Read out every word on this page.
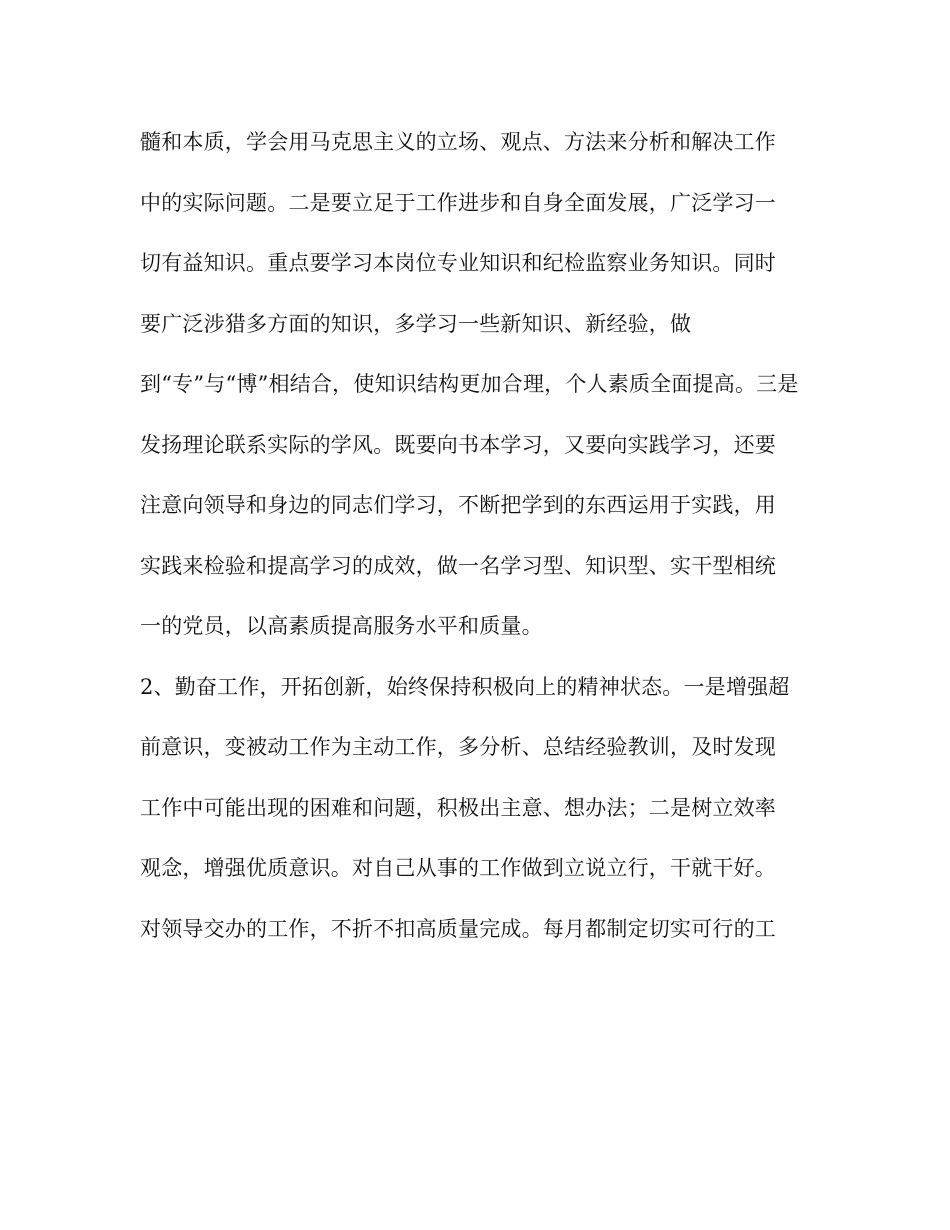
髓和本质，学会用马克思主义的立场、观点、方法来分析和解决工作
中的实际问题。二是要立足于工作进步和自身全面发展，广泛学习一
切有益知识。重点要学习本岗位专业知识和纪检监察业务知识。同时
要广泛涉猎多方面的知识，多学习一些新知识、新经验，做
到“专”与“博”相结合，使知识结构更加合理，个人素质全面提高。三是
发扬理论联系实际的学风。既要向书本学习，又要向实践学习，还要
注意向领导和身边的同志们学习，不断把学到的东西运用于实践，用
实践来检验和提高学习的成效，做一名学习型、知识型、实干型相统
一的党员，以高素质提高服务水平和质量。
2、勤奋工作，开拓创新，始终保持积极向上的精神状态。一是增强超
前意识，变被动工作为主动工作，多分析、总结经验教训，及时发现
工作中可能出现的困难和问题，积极出主意、想办法；二是树立效率
观念，增强优质意识。对自己从事的工作做到立说立行，干就干好。
对领导交办的工作，不折不扣高质量完成。每月都制定切实可行的工
